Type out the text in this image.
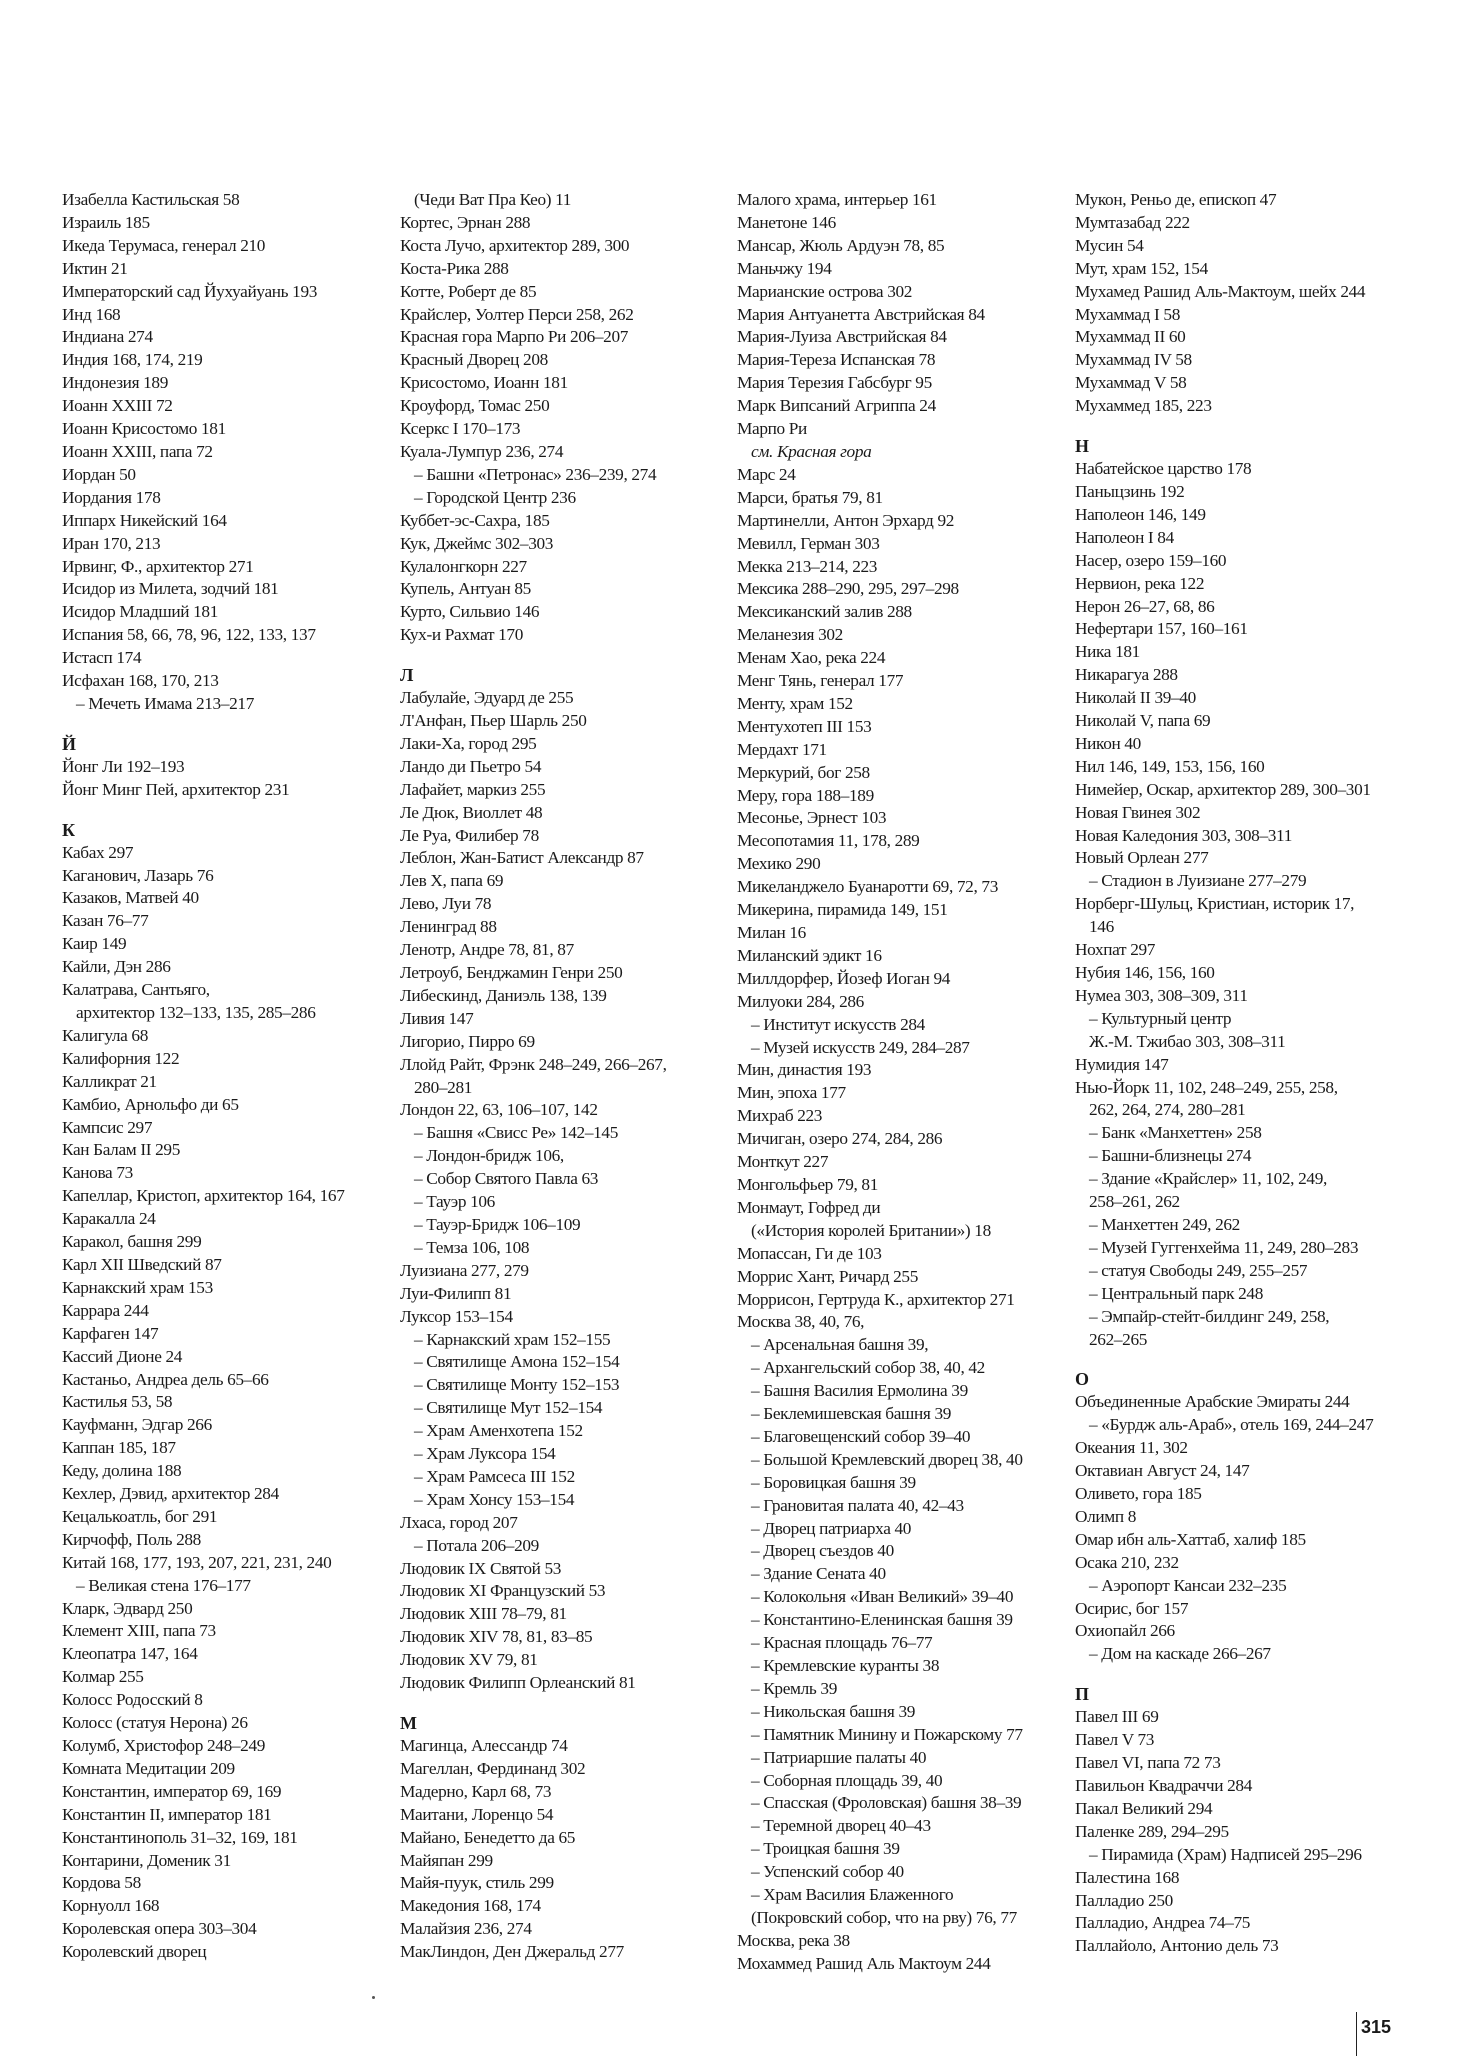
Изабелла Кастильская 58

Израиль 185

Икеда Терумаса, генерал 210

Иктин 21

Императорский сад Йухуайуань 193

Инд 168

Индиана 274

Индия 168, 174, 219

Индонезия 189

Иоанн XXIII 72

Иоанн Крисостомо 181

Иоанн XXIII, папа 72

Иордан 50

Иордания 178

Иппарх Никейский 164

Иран 170, 213

Ирвинг, Ф., архитектор 271

Исидор из Милета, зодчий 181

Исидор Младший 181

Испания 58, 66, 78, 96, 122, 133, 137

Истасп 174

Исфахан 168, 170, 213

– Мечеть Имама 213–217

Й

Йонг Ли 192–193

Йонг Минг Пей, архитектор 231

К

Кабах 297

Каганович, Лазарь 76

Казаков, Матвей 40

Казан 76–77

Каир 149

Кайли, Дэн 286

Калатрава, Сантьяго,

архитектор 132–133, 135, 285–286

Калигула 68

Калифорния 122

Калликрат 21

Камбио, Арнольфо ди 65

Кампсис 297

Кан Балам II 295

Канова 73

Капеллар, Кристоп, архитектор 164, 167

Каракалла 24

Каракол, башня 299

Карл XII Шведский 87

Карнакский храм 153

Каррара 244

Карфаген 147

Кассий Дионе 24

Кастаньо, Андреа дель 65–66

Кастилья 53, 58

Кауфманн, Эдгар 266

Каппан 185, 187

Кеду, долина 188

Кехлер, Дэвид, архитектор 284

Кецалькоатль, бог 291

Кирчофф, Поль 288

Китай 168, 177, 193, 207, 221, 231, 240

– Великая стена 176–177

Кларк, Эдвард 250

Клемент XIII, папа 73

Клеопатра 147, 164

Колмар 255

Колосс Родосский 8

Колосс (статуя Нерона) 26

Колумб, Христофор 248–249

Комната Медитации 209

Константин, император 69, 169

Константин II, император 181

Константинополь 31–32, 169, 181

Контарини, Доменик 31

Кордова 58

Корнуолл 168

Королевская опера 303–304

Королевский дворец

(Чеди Ват Пра Кео) 11

Кортес, Эрнан 288

Коста Лучо, архитектор 289, 300

Коста-Рика 288

Котте, Роберт де 85

Крайслер, Уолтер Перси 258, 262

Красная гора Марпо Ри 206–207

Красный Дворец 208

Крисостомо, Иоанн 181

Кроуфорд, Томас 250

Ксеркс I 170–173

Куала-Лумпур 236, 274

– Башни «Петронас» 236–239, 274

– Городской Центр 236

Куббет-эс-Сахра, 185

Кук, Джеймс 302–303

Кулалонгкорн 227

Купель, Антуан 85

Курто, Сильвио 146

Кух-и Рахмат 170

Л

Лабулайе, Эдуард де 255

Л'Анфан, Пьер Шарль 250

Лаки-Ха, город 295

Ландо ди Пьетро 54

Лафайет, маркиз 255

Ле Дюк, Виоллет 48

Ле Руа, Филибер 78

Леблон, Жан-Батист Александр 87

Лев X, папа 69

Лево, Луи 78

Ленинград 88

Ленотр, Андре 78, 81, 87

Летроуб, Бенджамин Генри 250

Либескинд, Даниэль 138, 139

Ливия 147

Лигорио, Пирро 69

Ллойд Райт, Фрэнк 248–249, 266–267,

280–281

Лондон 22, 63, 106–107, 142

– Башня «Свисс Ре» 142–145

– Лондон-бридж 106,

– Собор Святого Павла 63

– Тауэр 106

– Тауэр-Бридж 106–109

– Темза 106, 108

Луизиана 277, 279

Луи-Филипп 81

Луксор 153–154

– Карнакский храм 152–155

– Святилище Амона 152–154

– Святилище Монту 152–153

– Святилище Мут 152–154

– Храм Аменхотепа 152

– Храм Луксора 154

– Храм Рамсеса III 152

– Храм Хонсу 153–154

Лхаса, город 207

– Потала 206–209

Людовик IX Святой 53

Людовик XI Французский 53

Людовик XIII 78–79, 81

Людовик XIV 78, 81, 83–85

Людовик XV 79, 81

Людовик Филипп Орлеанский 81

М

Магинца, Алессандр 74

Магеллан, Фердинанд 302

Мадерно, Карл 68, 73

Маитани, Лоренцо 54

Майано, Бенедетто да 65

Майяпан 299

Майя-пуук, стиль 299

Македония 168, 174

Малайзия 236, 274

МакЛиндон, Ден Джеральд 277

Малого храма, интерьер 161

Манетоне 146

Мансар, Жюль Ардуэн 78, 85

Маньчжу 194

Марианские острова 302

Мария Антуанетта Австрийская 84

Мария-Луиза Австрийская 84

Мария-Тереза Испанская 78

Мария Терезия Габсбург 95

Марк Випсаний Агриппа 24

Марпо Ри

см. Красная гора

Марс 24

Марси, братья 79, 81

Мартинелли, Антон Эрхард 92

Мевилл, Герман 303

Мекка 213–214, 223

Мексика 288–290, 295, 297–298

Мексиканский залив 288

Меланезия 302

Менам Хао, река 224

Менг Тянь, генерал 177

Менту, храм 152

Ментухотеп III 153

Мердахт 171

Меркурий, бог 258

Меру, гора 188–189

Месонье, Эрнест 103

Месопотамия 11, 178, 289

Мехико 290

Микеланджело Буанаротти 69, 72, 73

Микерина, пирамида 149, 151

Милан 16

Миланский эдикт 16

Миллдорфер, Йозеф Иоган 94

Милуоки 284, 286

– Институт искусств 284

– Музей искусств 249, 284–287

Мин, династия 193

Мин, эпоха 177

Михраб 223

Мичиган, озеро 274, 284, 286

Монткут 227

Монгольфьер 79, 81

Монмаут, Гофред ди

(«История королей Британии») 18

Мопассан, Ги де 103

Моррис Хант, Ричард 255

Моррисон, Гертруда К., архитектор 271

Москва 38, 40, 76,

– Арсенальная башня 39,

– Архангельский собор 38, 40, 42

– Башня Василия Ермолина 39

– Беклемишевская башня 39

– Благовещенский собор 39–40

– Большой Кремлевский дворец 38, 40

– Боровицкая башня 39

– Грановитая палата 40, 42–43

– Дворец патриарха 40

– Дворец съездов 40

– Здание Сената 40

– Колокольня «Иван Великий» 39–40

– Константино-Еленинская башня 39

– Красная площадь 76–77

– Кремлевские куранты 38

– Кремль 39

– Никольская башня 39

– Памятник Минину и Пожарскому 77

– Патриаршие палаты 40

– Соборная площадь 39, 40

– Спасская (Фроловская) башня 38–39

– Теремной дворец 40–43

– Троицкая башня 39

– Успенский собор 40

– Храм Василия Блаженного

(Покровский собор, что на рву) 76, 77

Москва, река 38

Мохаммед Рашид Аль Мактоум 244

Мукон, Реньо де, епископ 47

Мумтазабад 222

Мусин 54

Мут, храм 152, 154

Мухамед Рашид Аль-Мактоум, шейх 244

Мухаммад I 58

Мухаммад II 60

Мухаммад IV 58

Мухаммад V 58

Мухаммед 185, 223

Н

Набатейское царство 178

Паныцзинь 192

Наполеон 146, 149

Наполеон I 84

Насер, озеро 159–160

Нервион, река 122

Нерон 26–27, 68, 86

Нефертари 157, 160–161

Ника 181

Никарагуа 288

Николай II 39–40

Николай V, папа 69

Никон 40

Нил 146, 149, 153, 156, 160

Нимейер, Оскар, архитектор 289, 300–301

Новая Гвинея 302

Новая Каледония 303, 308–311

Новый Орлеан 277

– Стадион в Луизиане 277–279

Норберг-Шульц, Кристиан, историк 17,

146

Нохпат 297

Нубия 146, 156, 160

Нумеа 303, 308–309, 311

– Культурный центр

Ж.-М. Тжибао 303, 308–311

Нумидия 147

Нью-Йорк 11, 102, 248–249, 255, 258,

262, 264, 274, 280–281

– Банк «Манхеттен» 258

– Башни-близнецы 274

– Здание «Крайслер» 11, 102, 249,

258–261, 262

– Манхеттен 249, 262

– Музей Гуггенхейма 11, 249, 280–283

– статуя Свободы 249, 255–257

– Центральный парк 248

– Эмпайр-стейт-билдинг 249, 258,

262–265

О

Объединенные Арабские Эмираты 244

– «Бурдж аль-Араб», отель 169, 244–247

Океания 11, 302

Октавиан Август 24, 147

Оливето, гора 185

Олимп 8

Омар ибн аль-Хаттаб, халиф 185

Осака 210, 232

– Аэропорт Кансаи 232–235

Осирис, бог 157

Охиопайл 266

– Дом на каскаде 266–267

П

Павел III 69

Павел V 73

Павел VI, папа 72 73

Павильон Квадраччи 284

Пакал Великий 294

Паленке 289, 294–295

– Пирамида (Храм) Надписей 295–296

Палестина 168

Палладио 250

Палладио, Андреа 74–75

Паллайоло, Антонио дель 73

315
